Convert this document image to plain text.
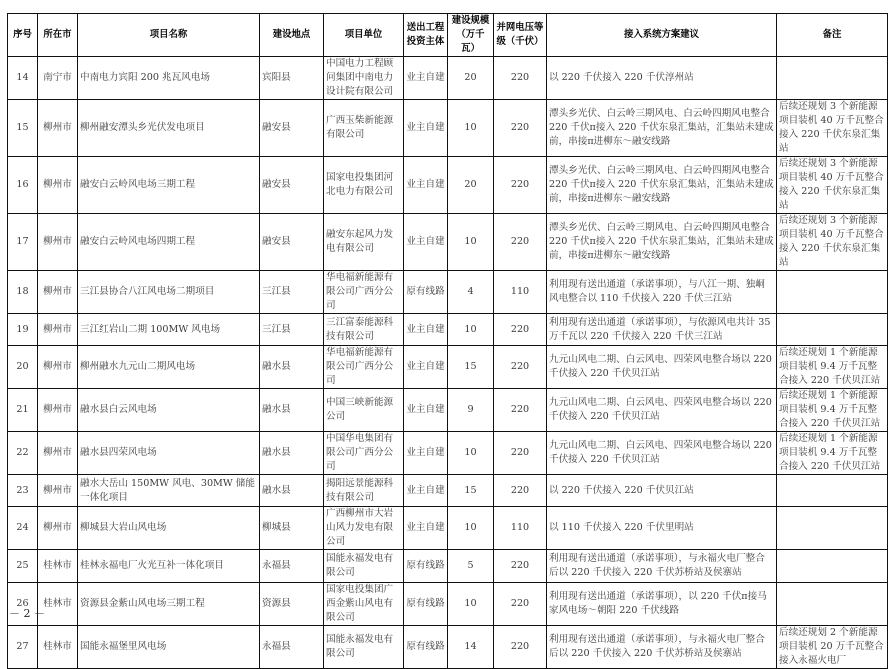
序号	所在市	项目名称	建设地点	项目单位	送出工程投资主体	建设规模（万千瓦）	并网电压等级（千伏）	接入系统方案建议	备注
14	南宁市	中南电力宾阳 200 兆瓦风电场	宾阳县	中国电力工程顾问集团中南电力设计院有限公司	业主自建	20	220	以 220 千伏接入 220 千伏淳州站	
15	柳州市	柳州融安潭头乡光伏发电项目	融安县	广西玉柴新能源有限公司	业主自建	10	220	潭头乡光伏、白云岭三期风电、白云岭四期风电整合 220 千伏π接入 220 千伏东泉汇集站，汇集站未建成前，串接π进柳东～融安线路	后续还规划 3 个新能源项目装机 40 万千瓦整合接入 220 千伏东泉汇集站
16	柳州市	融安白云岭风电场三期工程	融安县	国家电投集团河北电力有限公司	业主自建	20	220	潭头乡光伏、白云岭三期风电、白云岭四期风电整合 220 千伏π接入 220 千伏东泉汇集站，汇集站未建成前，串接π进柳东～融安线路	后续还规划 3 个新能源项目装机 40 万千瓦整合接入 220 千伏东泉汇集站
17	柳州市	融安白云岭风电场四期工程	融安县	融安东起风力发电有限公司	业主自建	10	220	潭头乡光伏、白云岭三期风电、白云岭四期风电整合 220 千伏π接入 220 千伏东泉汇集站，汇集站未建成前，串接π进柳东～融安线路	后续还规划 3 个新能源项目装机 40 万千瓦整合接入 220 千伏东泉汇集站
18	柳州市	三江县协合八江风电场二期项目	三江县	华电福新能源有限公司广西分公司	原有线路	4	110	利用现有送出通道（承诺事项），与八江一期、独峒风电整合以 110 千伏接入 220 千伏三江站	
19	柳州市	三江红岩山二期 100MW 风电场	三江县	三江富泰能源科技有限公司	业主自建	10	220	利用现有送出通道（承诺事项），与依源风电共计 35 万千瓦以 220 千伏接入 220 千伏三江站	
20	柳州市	柳州融水九元山二期风电场	融水县	华电福新能源有限公司广西分公司	业主自建	15	220	九元山风电二期、白云风电、四荣风电整合场以 220 千伏接入 220 千伏贝江站	后续还规划 1 个新能源项目装机 9.4 万千瓦整合接入 220 千伏贝江站
21	柳州市	融水县白云风电场	融水县	中国三峡新能源公司	业主自建	9	220	九元山风电二期、白云风电、四荣风电整合场以 220 千伏接入 220 千伏贝江站	后续还规划 1 个新能源项目装机 9.4 万千瓦整合接入 220 千伏贝江站
22	柳州市	融水县四荣风电场	融水县	中国华电集团有限公司广西分公司	业主自建	10	220	九元山风电二期、白云风电、四荣风电整合场以 220 千伏接入 220 千伏贝江站	后续还规划 1 个新能源项目装机 9.4 万千瓦整合接入 220 千伏贝江站
23	柳州市	融水大岳山 150MW 风电、30MW 储能一体化项目	融水县	揭阳远景能源科技有限公司	业主自建	15	220	以 220 千伏接入 220 千伏贝江站	
24	柳州市	柳城县大岩山风电场	柳城县	广西柳州市大岩山风力发电有限公司	业主自建	10	110	以 110 千伏接入 220 千伏里明站	
25	桂林市	桂林永福电厂火光互补一体化项目	永福县	国能永福发电有限公司	原有线路	5	220	利用现有送出通道（承诺事项），与永福火电厂整合后以 220 千伏接入 220 千伏苏桥站及侯寨站	
26	桂林市	资源县金紫山风电场三期工程	资源县	国家电投集团广西金紫山风电有限公司	原有线路	10	220	利用现有送出通道（承诺事项），以 220 千伏π接马家风电场～朝阳 220 千伏线路	
27	桂林市	国能永福堡里风电场	永福县	国能永福发电有限公司	原有线路	14	220	利用现有送出通道（承诺事项），与永福火电厂整合后以 220 千伏接入 220 千伏苏桥站及侯寨站	后续还规划 2 个新能源项目装机 20 万千瓦整合接入永福火电厂
－ 2 －
